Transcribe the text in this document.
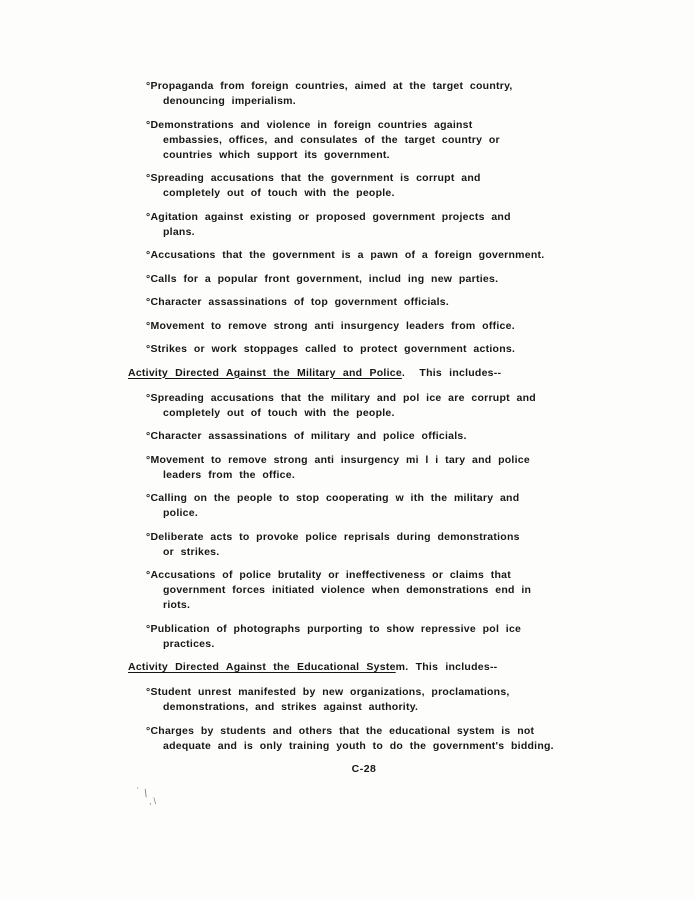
°Propaganda from foreign countries, aimed at the target country,
denouncing imperialism.

°Demonstrations and violence in foreign countries against
embassies, offices, and consulates of the target country or
countries which support its government.

°Spreading accusations that the government is corrupt and
completely out of touch with the people.

°Agitation against existing or proposed government projects and
plans.

°Accusations that the government is a pawn of a foreign government.

°Calls for a popular front government, includ ing new parties.

°Character assassinations of top government officials.

°Movement to remove strong anti insurgency leaders from office.

°Strikes or work stoppages called to protect government actions.

Activity Directed Against the Military and Police.  This includes--

°Spreading accusations that the military and pol ice are corrupt and
completely out of touch with the people.

°Character assassinations of military and police officials.

°Movement to remove strong anti insurgency mi l i tary and police
leaders from the office.

°Calling on the people to stop cooperating w ith the military and
police.

°Deliberate acts to provoke police reprisals during demonstrations
or strikes.

°Accusations of police brutality or ineffectiveness or claims that
government forces initiated violence when demonstrations end in
riots.

°Publication of photographs purporting to show repressive pol ice
practices.

Activity Directed Against the Educational System. This includes--

°Student unrest manifested by new organizations, proclamations,
demonstrations, and strikes against authority.

°Charges by students and others that the educational system is not
adequate and is only training youth to do the government's bidding.

C-28
' \
,\
